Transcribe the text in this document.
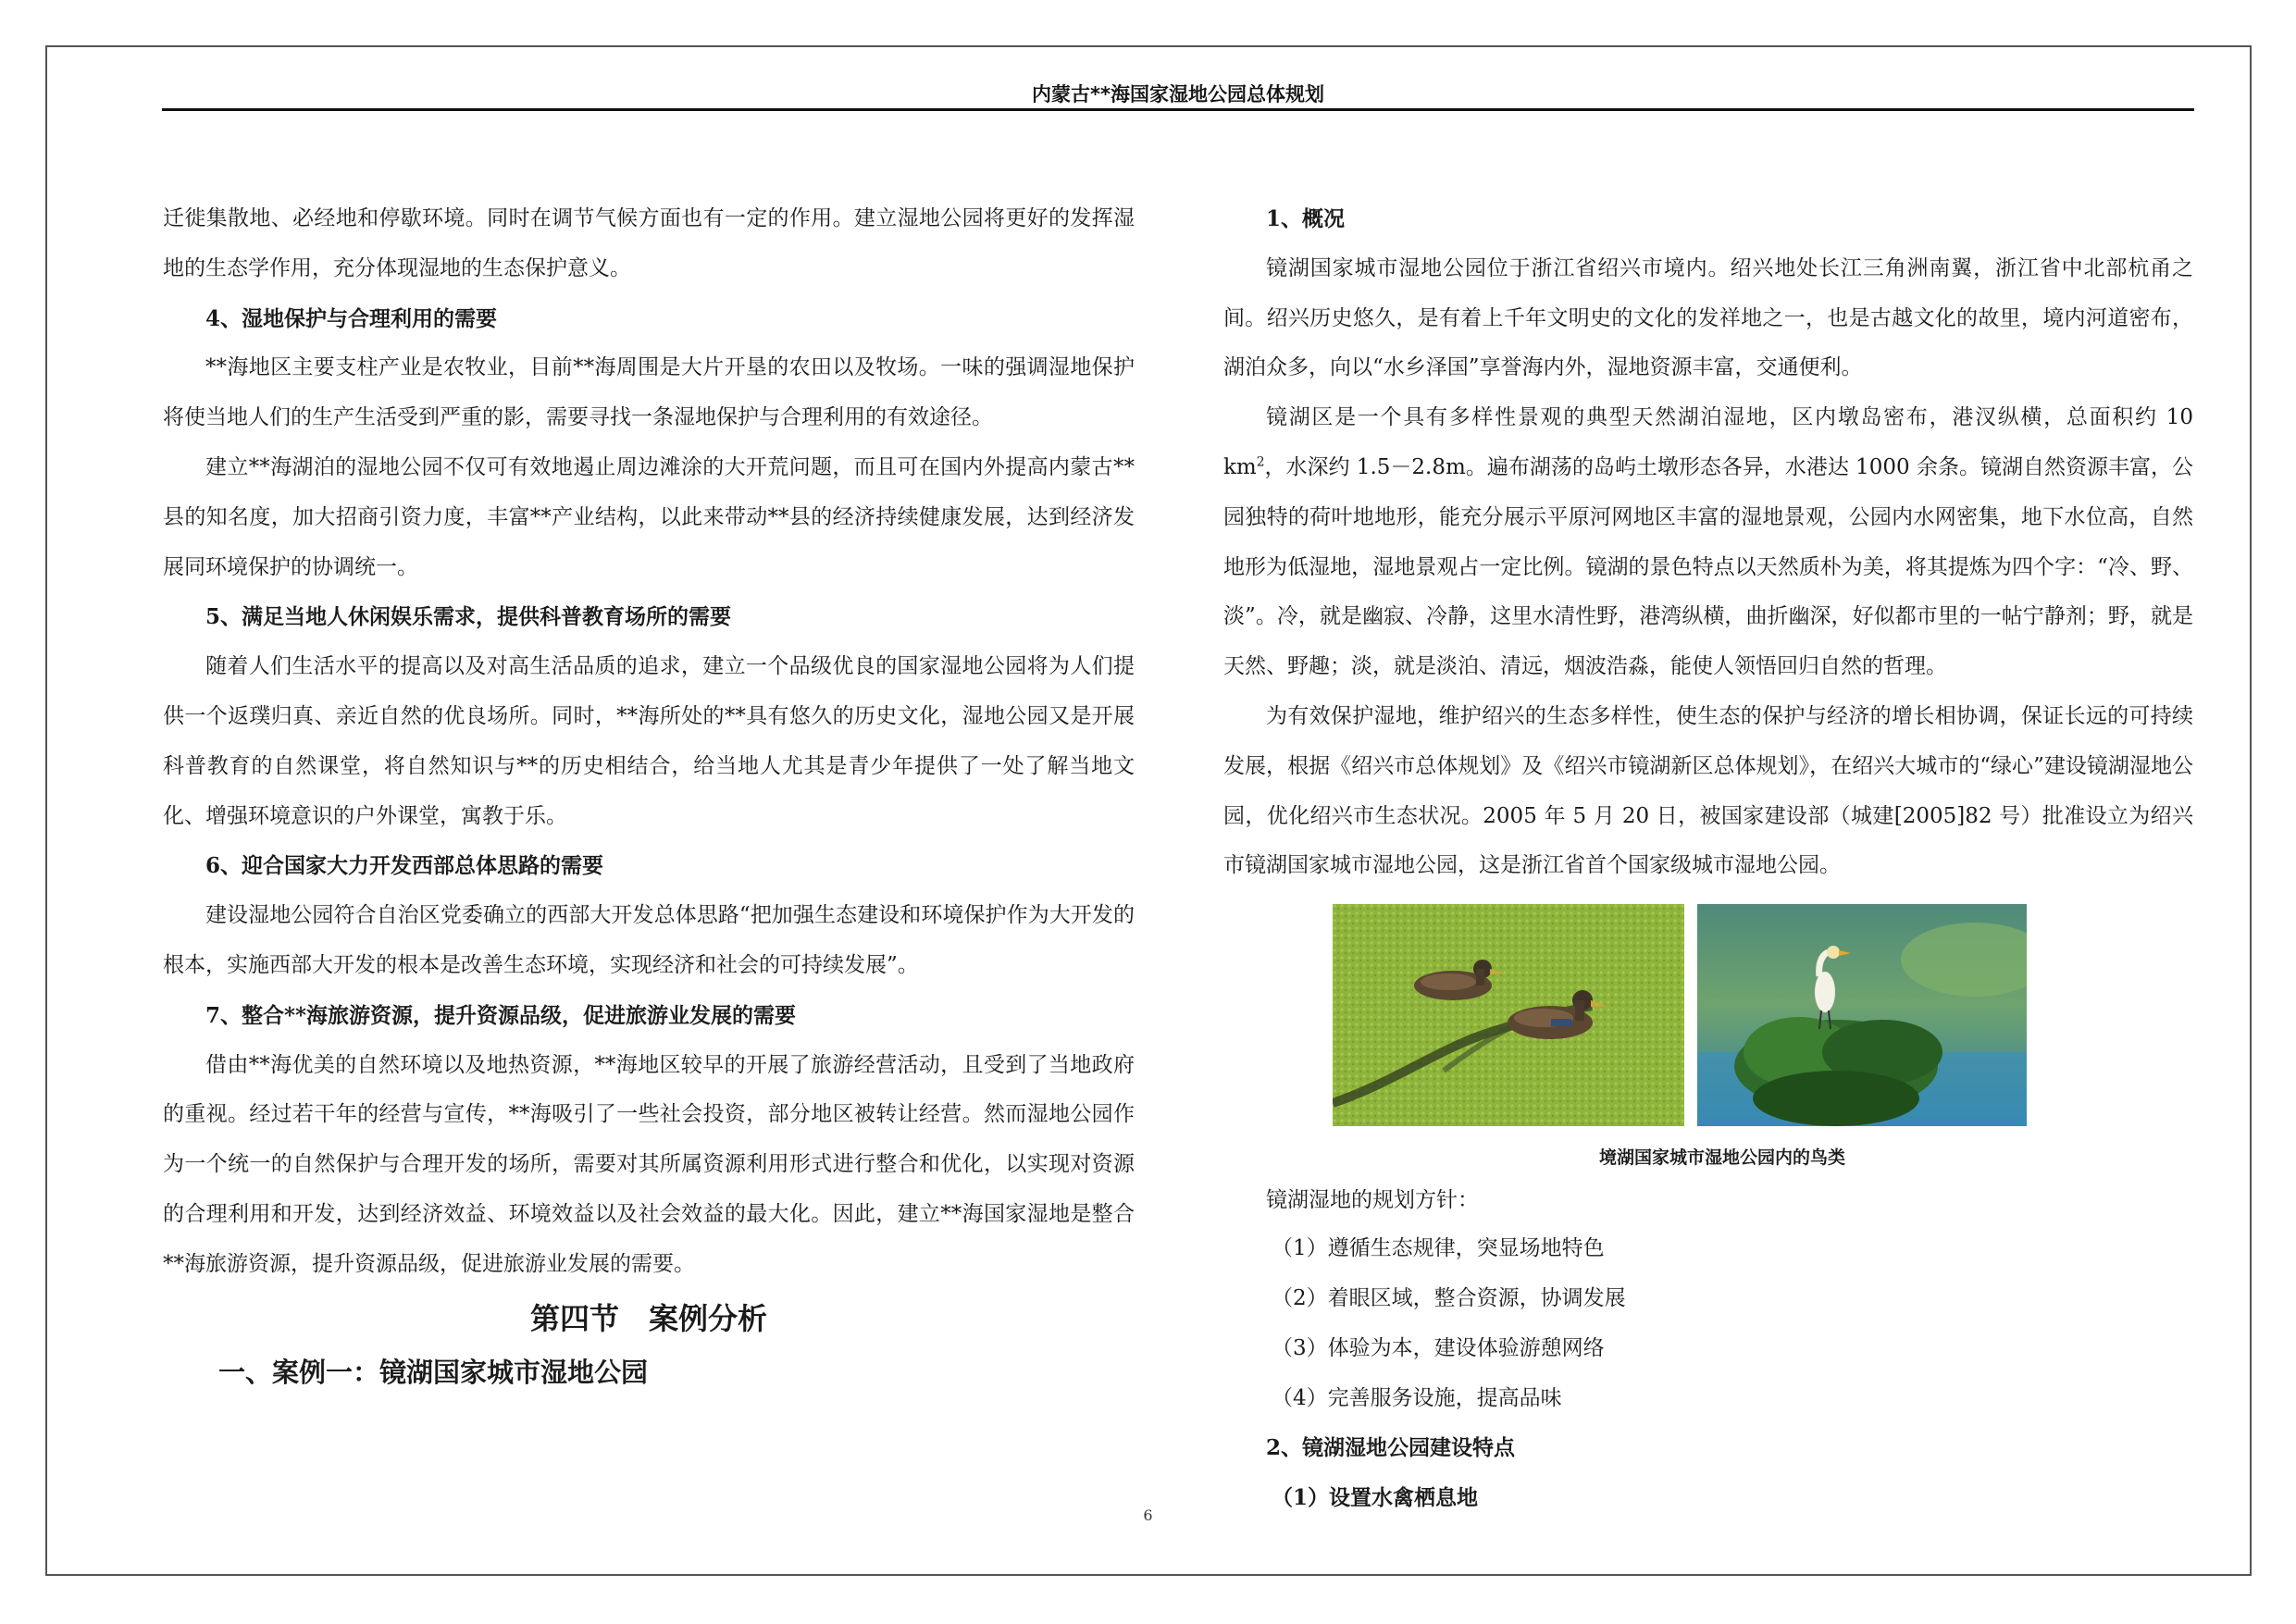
内蒙古**海国家湿地公园总体规划

迁徙集散地、必经地和停歇环境。同时在调节气候方面也有一定的作用。建立湿地公园将更好的发挥湿地的生态学作用，充分体现湿地的生态保护意义。

4、湿地保护与合理利用的需要

**海地区主要支柱产业是农牧业，目前**海周围是大片开垦的农田以及牧场。一味的强调湿地保护将使当地人们的生产生活受到严重的影，需要寻找一条湿地保护与合理利用的有效途径。

建立**海湖泊的湿地公园不仅可有效地遏止周边滩涂的大开荒问题，而且可在国内外提高内蒙古**县的知名度，加大招商引资力度，丰富**产业结构，以此来带动**县的经济持续健康发展，达到经济发展同环境保护的协调统一。

5、满足当地人休闲娱乐需求，提供科普教育场所的需要

随着人们生活水平的提高以及对高生活品质的追求，建立一个品级优良的国家湿地公园将为人们提供一个返璞归真、亲近自然的优良场所。同时，**海所处的**具有悠久的历史文化，湿地公园又是开展科普教育的自然课堂，将自然知识与**的历史相结合，给当地人尤其是青少年提供了一处了解当地文化、增强环境意识的户外课堂，寓教于乐。

6、迎合国家大力开发西部总体思路的需要

建设湿地公园符合自治区党委确立的西部大开发总体思路“把加强生态建设和环境保护作为大开发的根本，实施西部大开发的根本是改善生态环境，实现经济和社会的可持续发展”。

7、整合**海旅游资源，提升资源品级，促进旅游业发展的需要

借由**海优美的自然环境以及地热资源，**海地区较早的开展了旅游经营活动，且受到了当地政府的重视。经过若干年的经营与宣传，**海吸引了一些社会投资，部分地区被转让经营。然而湿地公园作为一个统一的自然保护与合理开发的场所，需要对其所属资源利用形式进行整合和优化，以实现对资源的合理利用和开发，达到经济效益、环境效益以及社会效益的最大化。因此，建立**海国家湿地是整合**海旅游资源，提升资源品级，促进旅游业发展的需要。

第四节　案例分析

一、案例一：镜湖国家城市湿地公园

1、概况

镜湖国家城市湿地公园位于浙江省绍兴市境内。绍兴地处长江三角洲南翼，浙江省中北部杭甬之间。绍兴历史悠久，是有着上千年文明史的文化的发祥地之一，也是古越文化的故里，境内河道密布，湖泊众多，向以“水乡泽国”享誉海内外，湿地资源丰富，交通便利。

镜湖区是一个具有多样性景观的典型天然湖泊湿地，区内墩岛密布，港汊纵横，总面积约 10 $km^2$，水深约 1.5－2.8m。遍布湖荡的岛屿土墩形态各异，水港达 1000 余条。镜湖自然资源丰富，公园独特的荷叶地地形，能充分展示平原河网地区丰富的湿地景观，公园内水网密集，地下水位高，自然地形为低湿地，湿地景观占一定比例。镜湖的景色特点以天然质朴为美，将其提炼为四个字：“冷、野、淡”。冷，就是幽寂、冷静，这里水清性野，港湾纵横，曲折幽深，好似都市里的一帖宁静剂；野，就是天然、野趣；淡，就是淡泊、清远，烟波浩淼，能使人领悟回归自然的哲理。

为有效保护湿地，维护绍兴的生态多样性，使生态的保护与经济的增长相协调，保证长远的可持续发展，根据《绍兴市总体规划》及《绍兴市镜湖新区总体规划》，在绍兴大城市的“绿心”建设镜湖湿地公园，优化绍兴市生态状况。2005 年 5 月 20 日，被国家建设部（城建[2005]82 号）批准设立为绍兴市镜湖国家城市湿地公园，这是浙江省首个国家级城市湿地公园。

境湖国家城市湿地公园内的鸟类

镜湖湿地的规划方针：

（1）遵循生态规律，突显场地特色

（2）着眼区域，整合资源，协调发展

（3）体验为本，建设体验游憩网络

（4）完善服务设施，提高品味

2、镜湖湿地公园建设特点

（1）设置水禽栖息地

6
